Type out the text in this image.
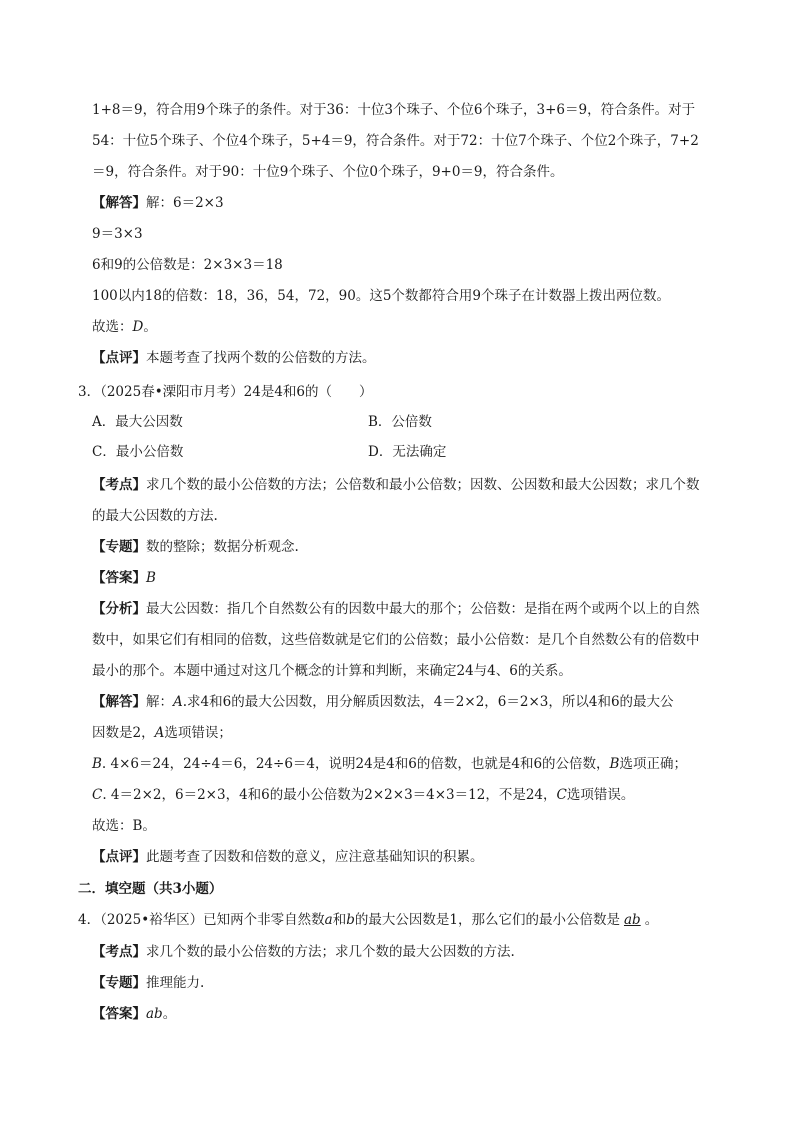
1+8＝9，符合用9个珠子的条件。对于36：十位3个珠子、个位6个珠子，3+6＝9，符合条件。对于
54：十位5个珠子、个位4个珠子，5+4＝9，符合条件。对于72：十位7个珠子、个位2个珠子，7+2
＝9，符合条件。对于90：十位9个珠子、个位0个珠子，9+0＝9，符合条件。
【解答】解：6＝2×3
9＝3×3
6和9的公倍数是：2×3×3＝18
100以内18的倍数：18，36，54，72，90。这5个数都符合用9个珠子在计数器上拨出两位数。
故选：D。
【点评】本题考查了找两个数的公倍数的方法。
3．（2025春•溧阳市月考）24是4和6的（　　）
A．最大公因数	B．公倍数
C．最小公倍数	D．无法确定
【考点】求几个数的最小公倍数的方法；公倍数和最小公倍数；因数、公因数和最大公因数；求几个数
的最大公因数的方法.
【专题】数的整除；数据分析观念.
【答案】B
【分析】最大公因数：指几个自然数公有的因数中最大的那个；公倍数：是指在两个或两个以上的自然
数中，如果它们有相同的倍数，这些倍数就是它们的公倍数；最小公倍数：是几个自然数公有的倍数中
最小的那个。本题中通过对这几个概念的计算和判断，来确定24与4、6的关系。
【解答】解：A.求4和6的最大公因数，用分解质因数法，4＝2×2，6＝2×3，所以4和6的最大公
因数是2，A选项错误；
B. 4×6＝24，24÷4＝6，24÷6＝4，说明24是4和6的倍数，也就是4和6的公倍数，B选项正确；
C. 4＝2×2，6＝2×3，4和6的最小公倍数为2×2×3＝4×3＝12，不是24，C选项错误。
故选：B。
【点评】此题考查了因数和倍数的意义，应注意基础知识的积累。
二．填空题（共3小题）
4．（2025•裕华区）已知两个非零自然数a和b的最大公因数是1，那么它们的最小公倍数是 ab 。
【考点】求几个数的最小公倍数的方法；求几个数的最大公因数的方法.
【专题】推理能力.
【答案】ab。
